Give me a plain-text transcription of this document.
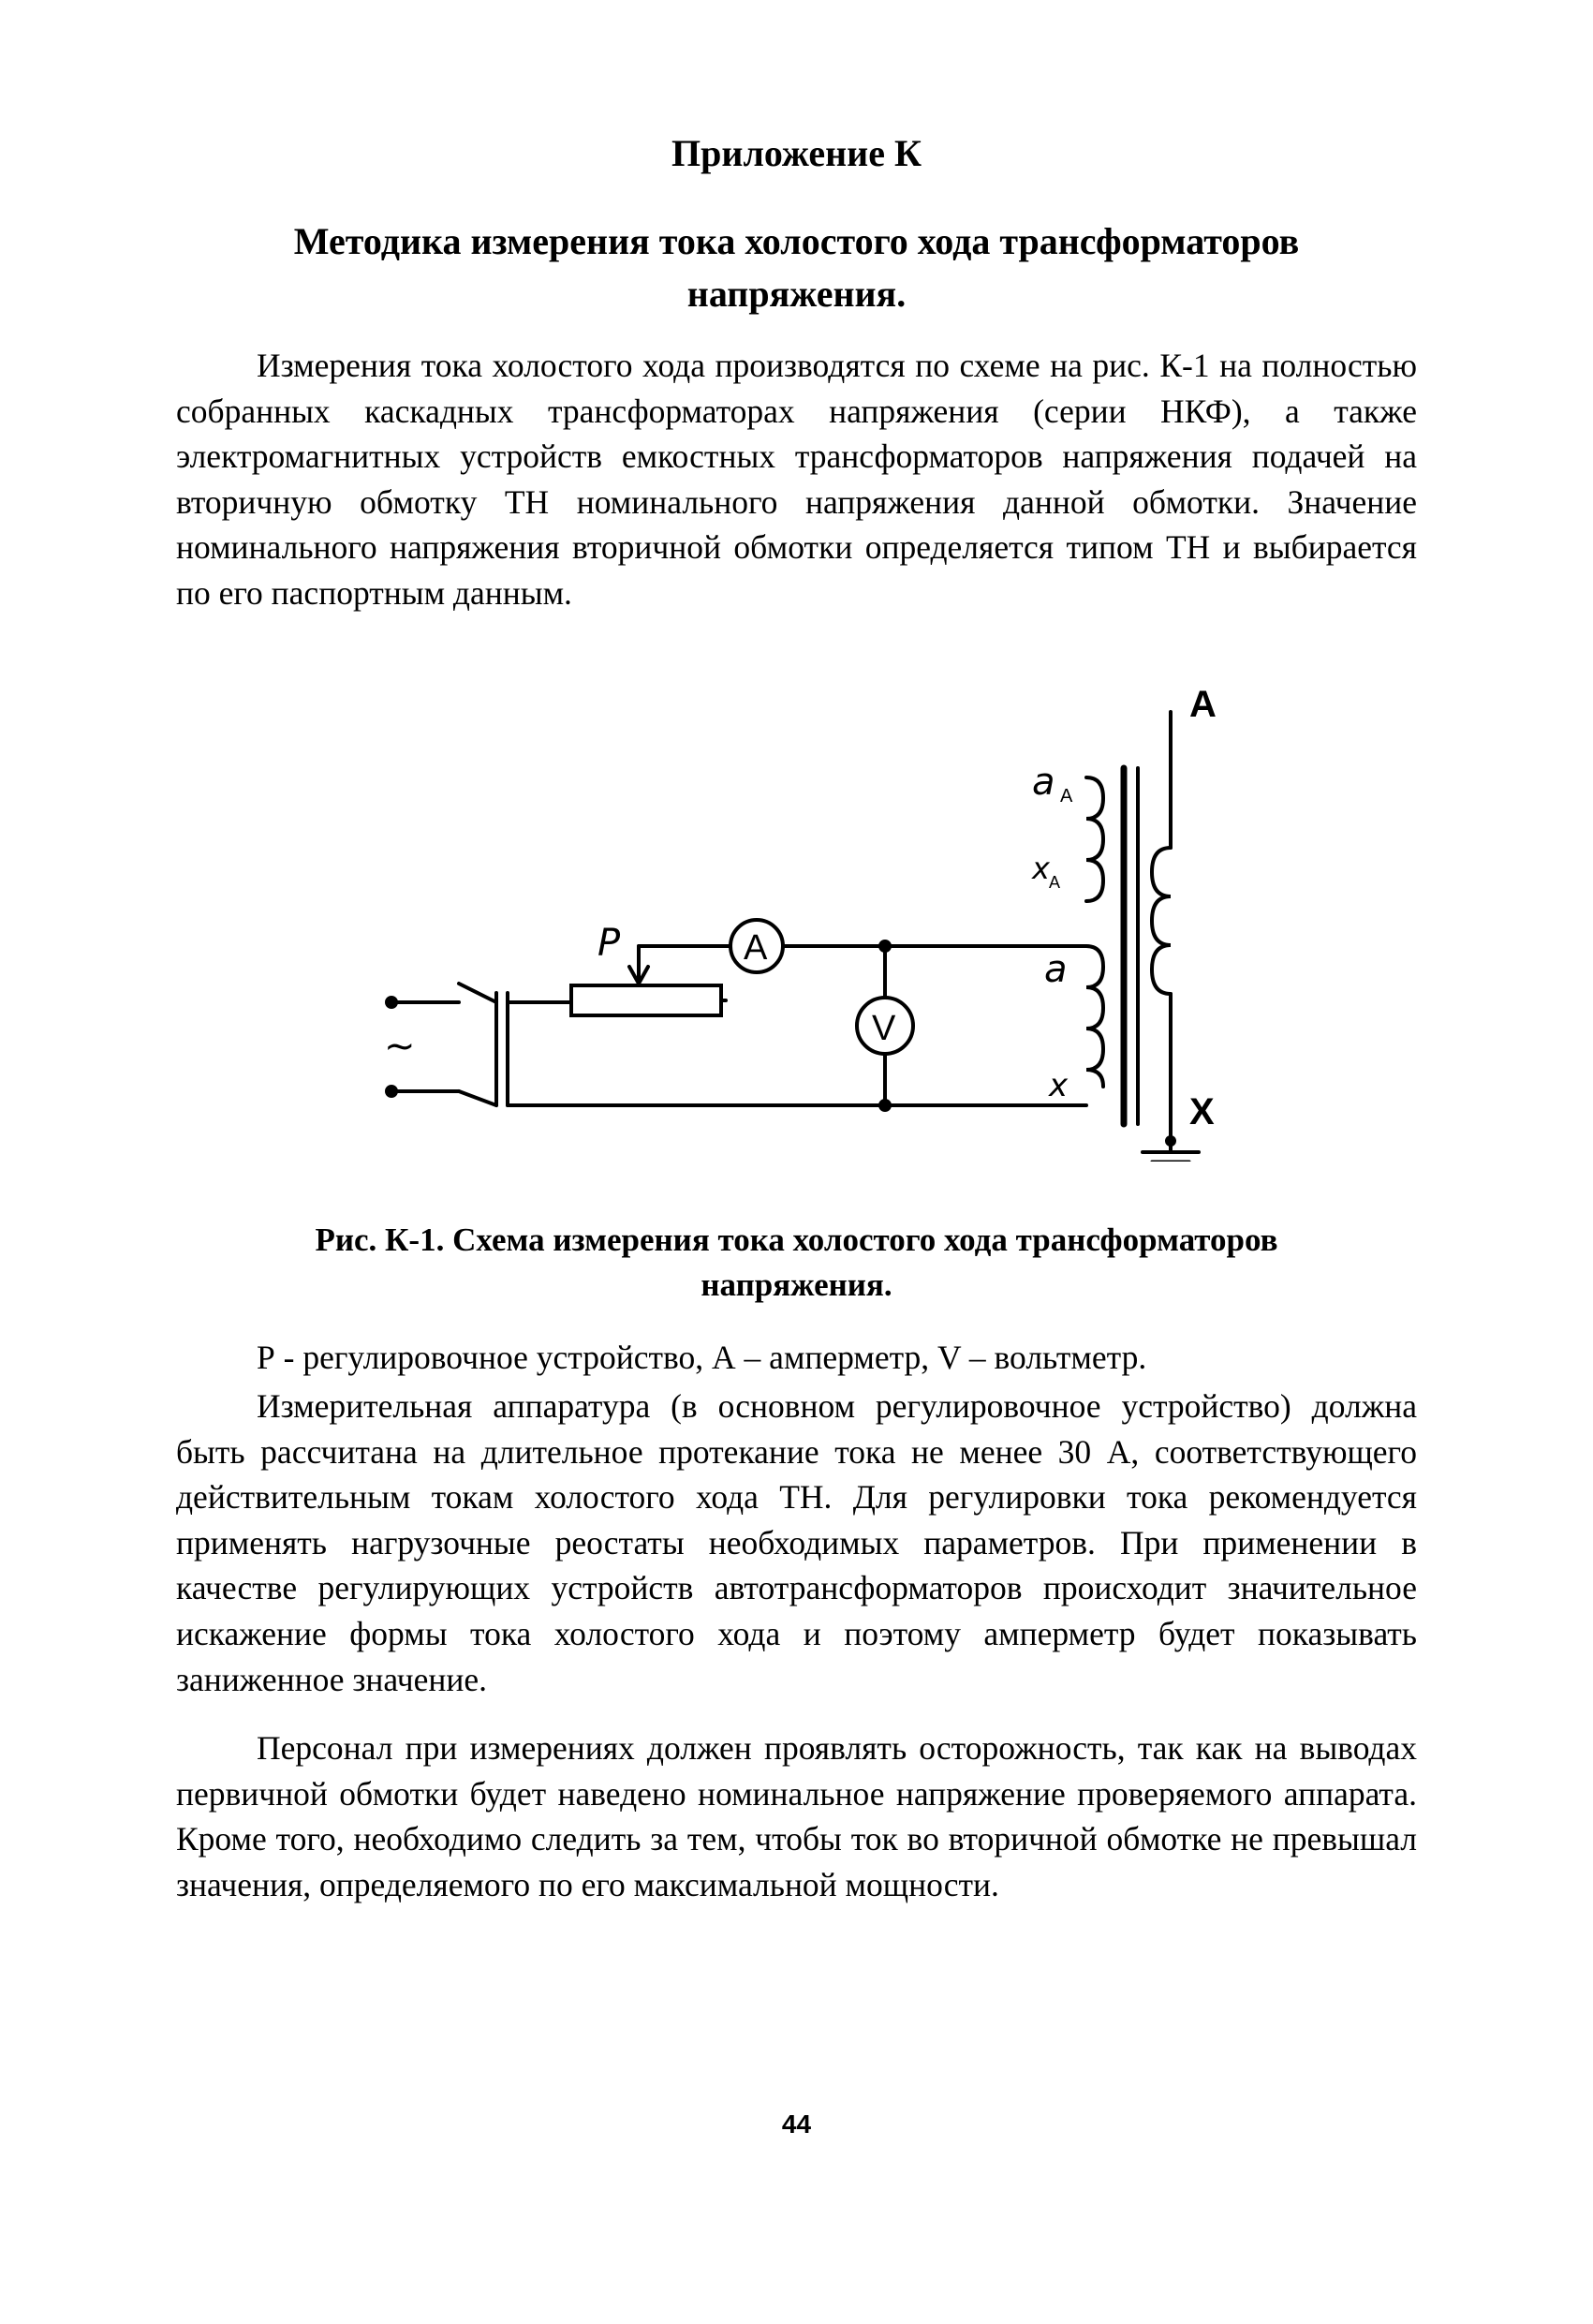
Приложение К
Методика измерения тока холостого хода трансформаторов напряжения.

Измерения тока холостого хода производятся по схеме на рис. К-1 на полностью собранных каскадных трансформаторах напряжения (серии НКФ), а также электромагнитных устройств емкостных трансформаторов напряжения подачей на вторичную обмотку ТН номинального напряжения данной обмотки. Значение номинального напряжения вторичной обмотки определяется типом ТН и выбирается по его паспортным данным.

~
P	A
V
a
x
a A
x A
A
X
Рис. К-1. Схема измерения тока холостого хода трансформаторов напряжения.
Р - регулировочное устройство, А – амперметр, V – вольтметр.

Измерительная аппаратура (в основном регулировочное устройство) должна быть рассчитана на длительное протекание тока не менее 30 А, соответствующего действительным токам холостого хода ТН. Для регулировки тока рекомендуется применять нагрузочные реостаты необходимых параметров. При применении в качестве регулирующих устройств автотрансформаторов происходит значительное искажение формы тока холостого хода и поэтому амперметр будет показывать заниженное значение.

Персонал при измерениях должен проявлять осторожность, так как на выводах первичной обмотки будет наведено номинальное напряжение проверяемого аппарата. Кроме того, необходимо следить за тем, чтобы ток во вторичной обмотке не превышал значения, определяемого по его максимальной мощности.

44
